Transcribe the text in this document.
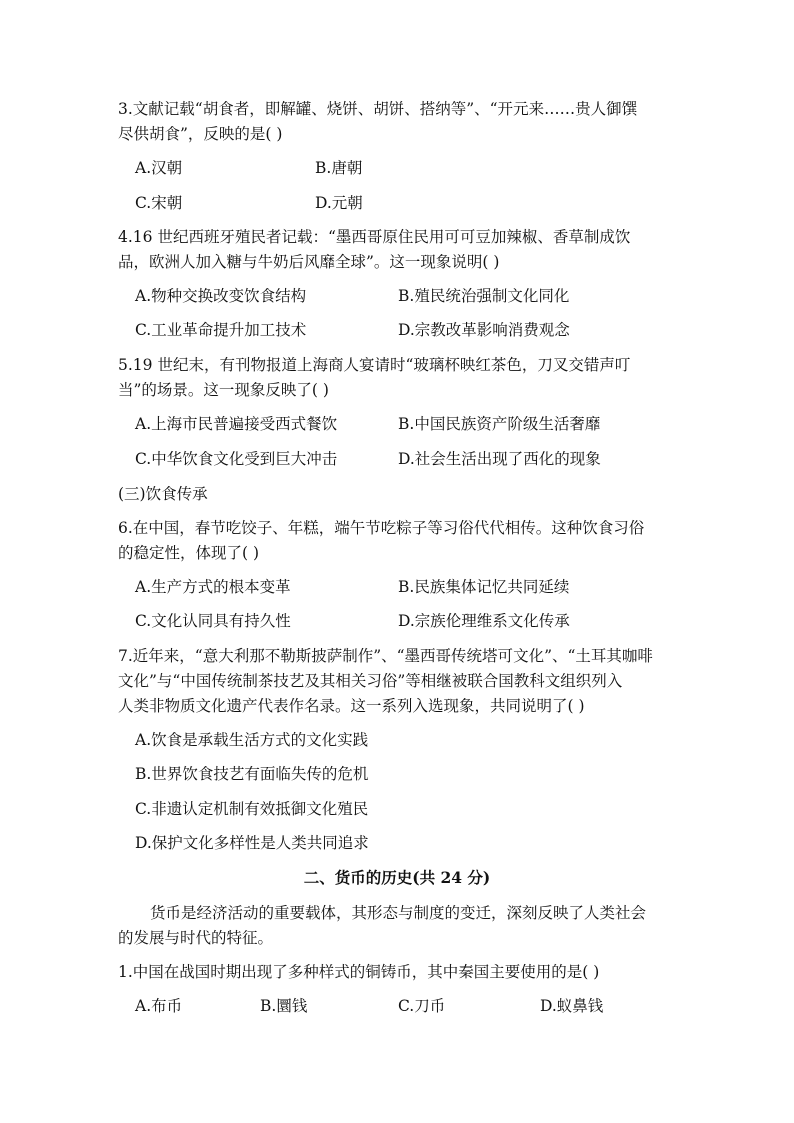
3.文献记载“胡食者，即解罐、烧饼、胡饼、搭纳等”、“开元来……贵人御馔
尽供胡食”，反映的是( )
A.汉朝	B.唐朝
C.宋朝	D.元朝
4.16 世纪西班牙殖民者记载：“墨西哥原住民用可可豆加辣椒、香草制成饮
品，欧洲人加入糖与牛奶后风靡全球”。这一现象说明( )
A.物种交换改变饮食结构	B.殖民统治强制文化同化
C.工业革命提升加工技术	D.宗教改革影响消费观念
5.19 世纪末，有刊物报道上海商人宴请时“玻璃杯映红茶色，刀叉交错声叮
当”的场景。这一现象反映了( )
A.上海市民普遍接受西式餐饮	B.中国民族资产阶级生活奢靡
C.中华饮食文化受到巨大冲击	D.社会生活出现了西化的现象
(三)饮食传承
6.在中国，春节吃饺子、年糕，端午节吃粽子等习俗代代相传。这种饮食习俗
的稳定性，体现了( )
A.生产方式的根本变革	B.民族集体记忆共同延续
C.文化认同具有持久性	D.宗族伦理维系文化传承
7.近年来，“意大利那不勒斯披萨制作”、“墨西哥传统塔可文化”、“土耳其咖啡
文化”与“中国传统制茶技艺及其相关习俗”等相继被联合国教科文组织列入
人类非物质文化遗产代表作名录。这一系列入选现象，共同说明了( )
A.饮食是承载生活方式的文化实践
B.世界饮食技艺有面临失传的危机
C.非遗认定机制有效抵御文化殖民
D.保护文化多样性是人类共同追求
二、货币的历史(共 24 分)
货币是经济活动的重要载体，其形态与制度的变迁，深刻反映了人类社会
的发展与时代的特征。
1.中国在战国时期出现了多种样式的铜铸币，其中秦国主要使用的是( )
A.布币	B.圜钱	C.刀币	D.蚁鼻钱
